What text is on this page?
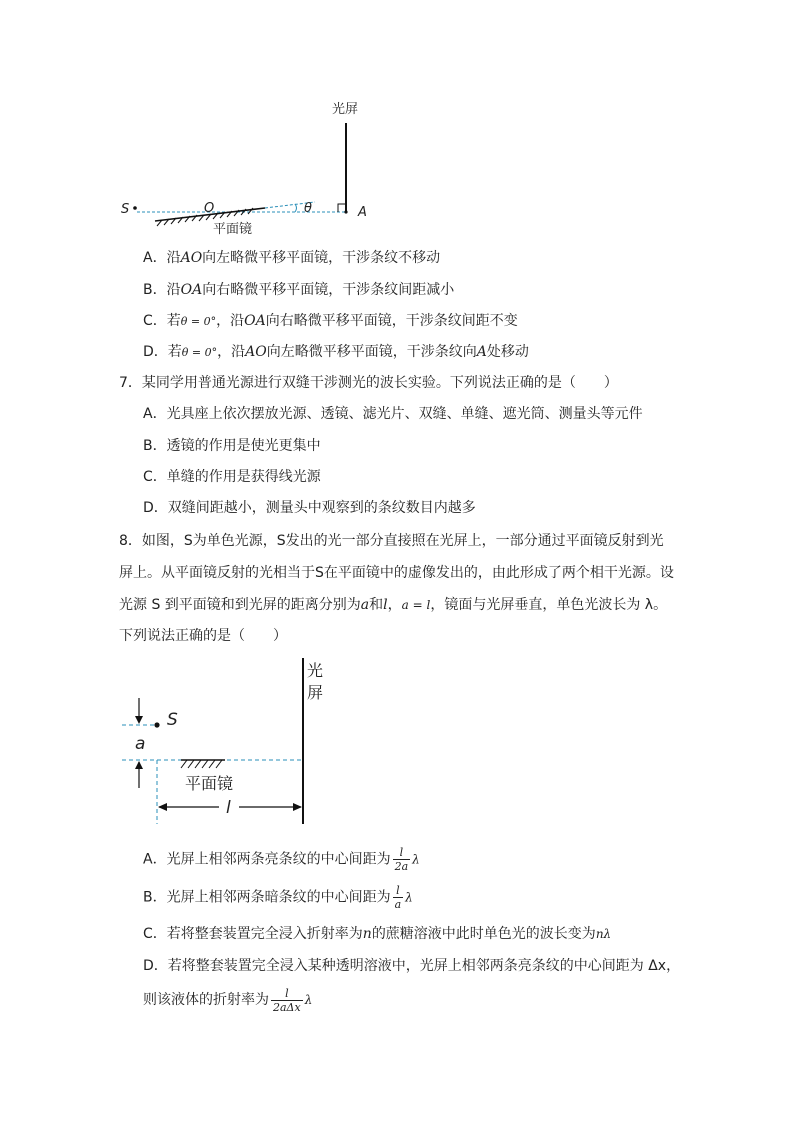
光屏
S	O	θ	A
平面镜
A．沿AO向左略微平移平面镜，干涉条纹不移动
B．沿OA向右略微平移平面镜，干涉条纹间距减小
C．若θ = 0°，沿OA向右略微平移平面镜，干涉条纹间距不变
D．若θ = 0°，沿AO向左略微平移平面镜，干涉条纹向A处移动
7．某同学用普通光源进行双缝干涉测光的波长实验。下列说法正确的是（　　）
A．光具座上依次摆放光源、透镜、滤光片、双缝、单缝、遮光筒、测量头等元件
B．透镜的作用是使光更集中
C．单缝的作用是获得线光源
D．双缝间距越小，测量头中观察到的条纹数目内越多
8．如图，S为单色光源，S发出的光一部分直接照在光屏上，一部分通过平面镜反射到光
屏上。从平面镜反射的光相当于S在平面镜中的虚像发出的，由此形成了两个相干光源。设
光源 S 到平面镜和到光屏的距离分别为a和l，a = l，镜面与光屏垂直，单色光波长为 λ。
下列说法正确的是（　　）
光
屏
S
a
平面镜
l
A．光屏上相邻两条亮条纹的中心间距为 $\frac{l}{2a}$ λ
B．光屏上相邻两条暗条纹的中心间距为 $\frac{l}{a}$ λ
C．若将整套装置完全浸入折射率为n的蔗糖溶液中此时单色光的波长变为nλ
D．若将整套装置完全浸入某种透明溶液中，光屏上相邻两条亮条纹的中心间距为 Δx，
则该液体的折射率为 $\frac{l}{\text{2aΔx}}$ λ
